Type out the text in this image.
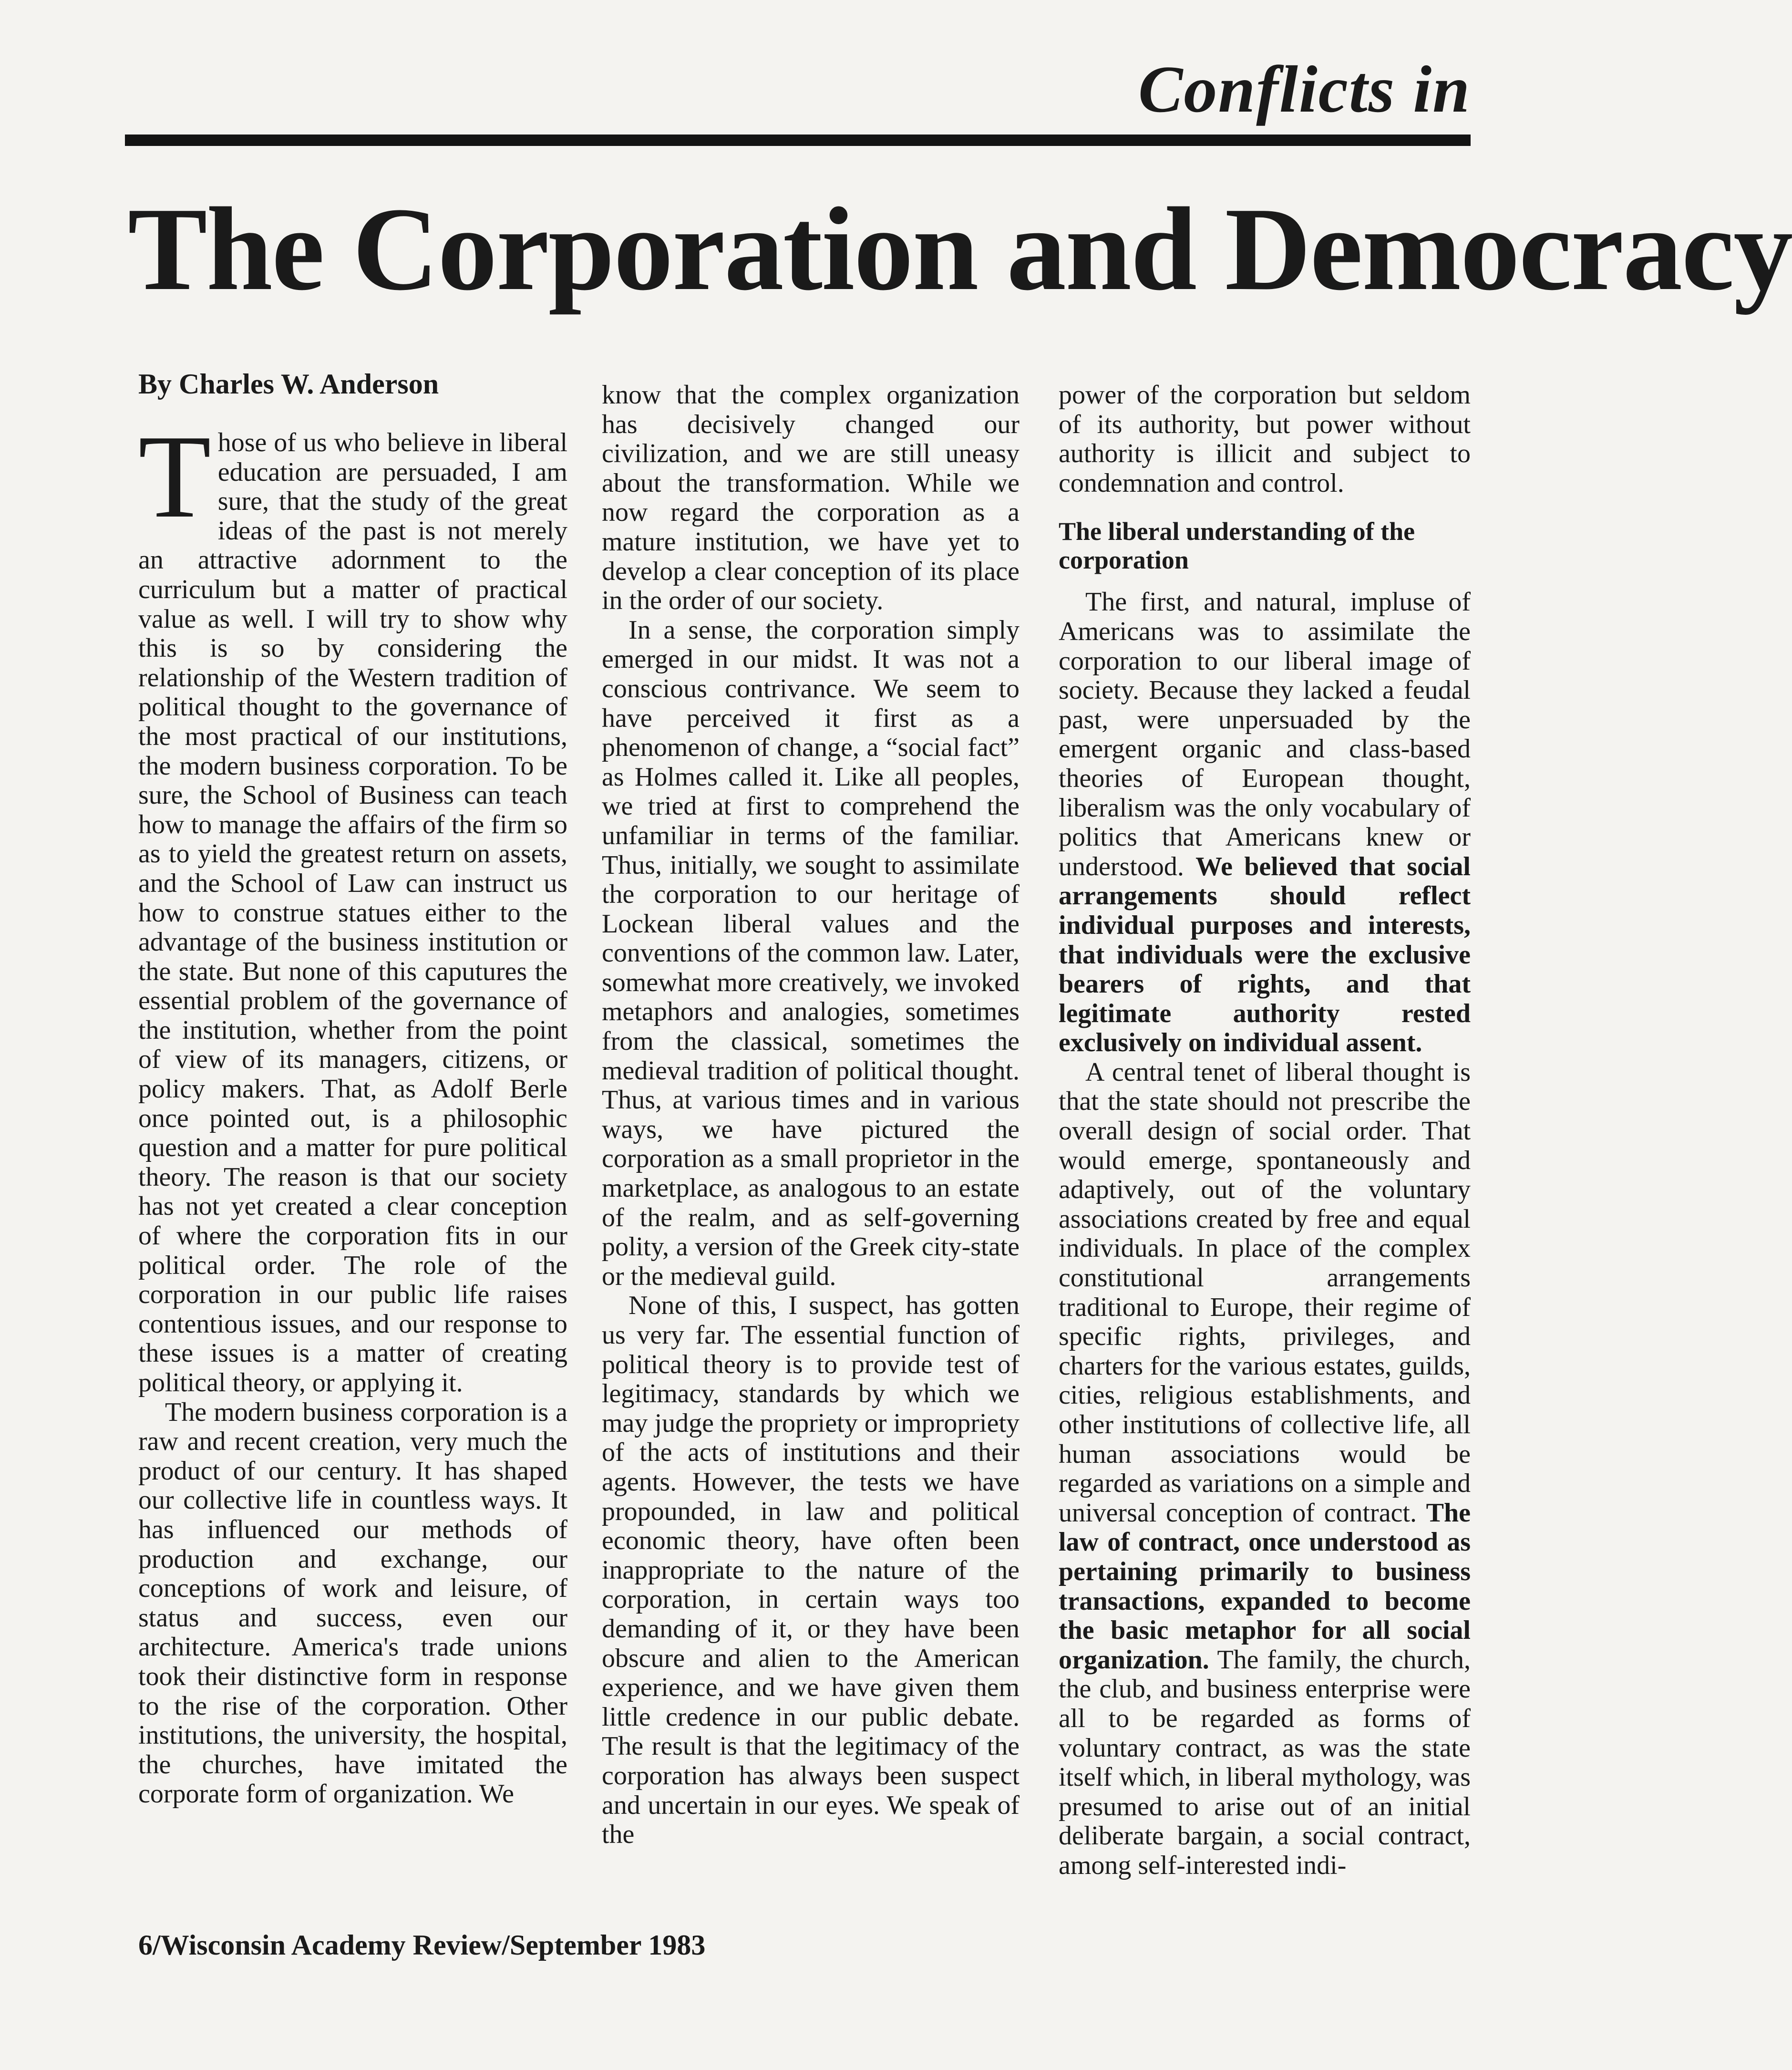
Conflicts in
The Corporation and Democracy
By Charles W. Anderson

Those of us who believe in liberal education are persuaded, I am sure, that the study of the great ideas of the past is not merely an attractive adornment to the curriculum but a matter of practical value as well. I will try to show why this is so by considering the relationship of the Western tradition of political thought to the governance of the most practical of our institutions, the modern business corporation. To be sure, the School of Business can teach how to manage the affairs of the firm so as to yield the greatest return on assets, and the School of Law can instruct us how to construe statues either to the advantage of the business institution or the state. But none of this caputures the essential problem of the governance of the institution, whether from the point of view of its managers, citizens, or policy makers. That, as Adolf Berle once pointed out, is a philosophic question and a matter for pure political theory. The reason is that our society has not yet created a clear conception of where the corporation fits in our political order. The role of the corporation in our public life raises contentious issues, and our response to these issues is a matter of creating political theory, or applying it.

The modern business corporation is a raw and recent creation, very much the product of our century. It has shaped our collective life in countless ways. It has influenced our methods of production and exchange, our conceptions of work and leisure, of status and success, even our architecture. America's trade unions took their distinctive form in response to the rise of the corporation. Other institutions, the university, the hospital, the churches, have imitated the corporate form of organization. We

know that the complex organization has decisively changed our civilization, and we are still uneasy about the transformation. While we now regard the corporation as a mature institution, we have yet to develop a clear conception of its place in the order of our society.

In a sense, the corporation simply emerged in our midst. It was not a conscious contrivance. We seem to have perceived it first as a phenomenon of change, a “social fact” as Holmes called it. Like all peoples, we tried at first to comprehend the unfamiliar in terms of the familiar. Thus, initially, we sought to assimilate the corporation to our heritage of Lockean liberal values and the conventions of the common law. Later, somewhat more creatively, we invoked metaphors and analogies, sometimes from the classical, sometimes the medieval tradition of political thought. Thus, at various times and in various ways, we have pictured the corporation as a small proprietor in the marketplace, as analogous to an estate of the realm, and as self-governing polity, a version of the Greek city-state or the medieval guild.

None of this, I suspect, has gotten us very far. The essential function of political theory is to provide test of legitimacy, standards by which we may judge the propriety or impropriety of the acts of institutions and their agents. However, the tests we have propounded, in law and political economic theory, have often been inappropriate to the nature of the corporation, in certain ways too demanding of it, or they have been obscure and alien to the American experience, and we have given them little credence in our public debate. The result is that the legitimacy of the corporation has always been suspect and uncertain in our eyes. We speak of the

power of the corporation but seldom of its authority, but power without authority is illicit and subject to condemnation and control.

The liberal understanding of the corporation

The first, and natural, impluse of Americans was to assimilate the corporation to our liberal image of society. Because they lacked a feudal past, were unpersuaded by the emergent organic and class-based theories of European thought, liberalism was the only vocabulary of politics that Americans knew or understood. We believed that social arrangements should reflect individual purposes and interests, that individuals were the exclusive bearers of rights, and that legitimate authority rested exclusively on individual assent.

A central tenet of liberal thought is that the state should not prescribe the overall design of social order. That would emerge, spontaneously and adaptively, out of the voluntary associations created by free and equal individuals. In place of the complex constitutional arrangements traditional to Europe, their regime of specific rights, privileges, and charters for the various estates, guilds, cities, religious establishments, and other institutions of collective life, all human associations would be regarded as variations on a simple and universal conception of contract. The law of contract, once understood as pertaining primarily to business transactions, expanded to become the basic metaphor for all social organization. The family, the church, the club, and business enterprise were all to be regarded as forms of voluntary contract, as was the state itself which, in liberal mythology, was presumed to arise out of an initial deliberate bargain, a social contract, among self-interested indi-

6/Wisconsin Academy Review/September 1983
